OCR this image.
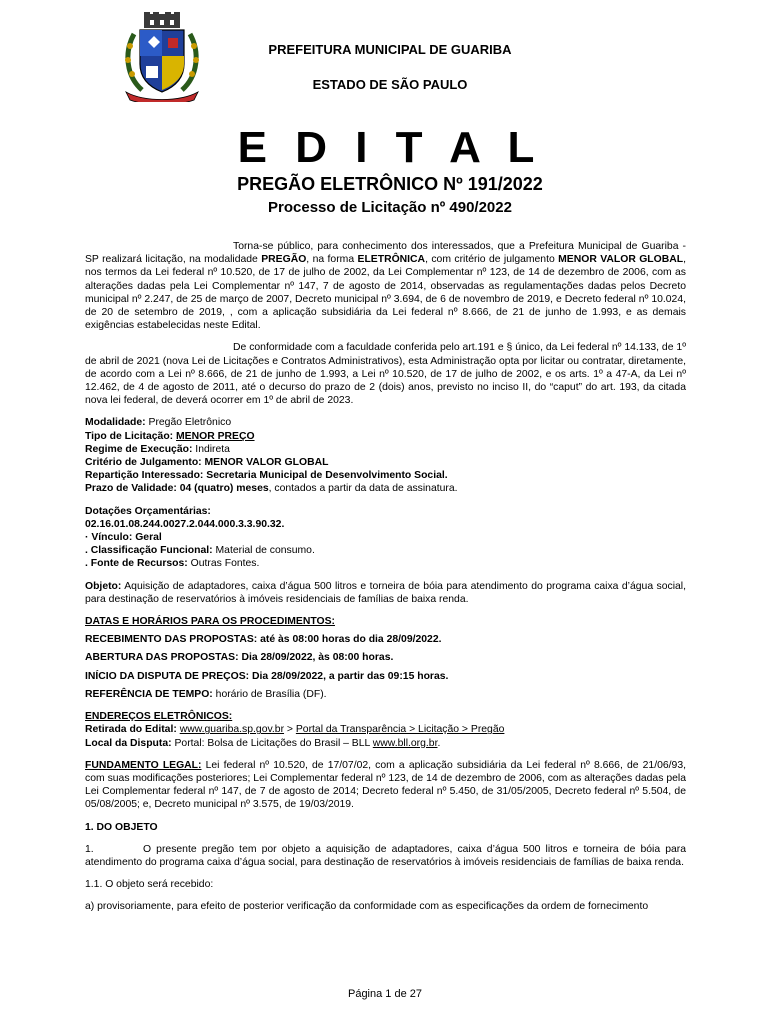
PREFEITURA MUNICIPAL DE GUARIBA
ESTADO DE SÃO PAULO
E D I T A L
PREGÃO ELETRÔNICO Nº 191/2022
Processo de Licitação nº 490/2022

Torna-se público, para conhecimento dos interessados, que a Prefeitura Municipal de Guariba - SP realizará licitação, na modalidade PREGÃO, na forma ELETRÔNICA, com critério de julgamento MENOR VALOR GLOBAL, nos termos da Lei federal nº 10.520, de 17 de julho de 2002, da Lei Complementar nº 123, de 14 de dezembro de 2006, com as alterações dadas pela Lei Complementar nº 147, 7 de agosto de 2014, observadas as regulamentações dadas pelos Decreto municipal nº 2.247, de 25 de março de 2007, Decreto municipal nº 3.694, de 6 de novembro de 2019, e Decreto federal nº 10.024, de 20 de setembro de 2019, , com a aplicação subsidiária da Lei federal nº 8.666, de 21 de junho de 1.993, e as demais exigências estabelecidas neste Edital.

De conformidade com a faculdade conferida pelo art.191 e § único, da Lei federal nº 14.133, de 1º de abril de 2021 (nova Lei de Licitações e Contratos Administrativos), esta Administração opta por licitar ou contratar, diretamente, de acordo com a Lei nº 8.666, de 21 de junho de 1.993, a Lei nº 10.520, de 17 de julho de 2002, e os arts. 1º a 47-A, da Lei nº 12.462, de 4 de agosto de 2011, até o decurso do prazo de 2 (dois) anos, previsto no inciso II, do “caput” do art. 193, da citada nova lei federal, de deverá ocorrer em 1º de abril de 2023.

Modalidade: Pregão Eletrônico

Tipo de Licitação: MENOR PREÇO

Regime de Execução: Indireta

Critério de Julgamento: MENOR VALOR GLOBAL

Repartição Interessado: Secretaria Municipal de Desenvolvimento Social.

Prazo de Validade: 04 (quatro) meses, contados a partir da data de assinatura.

Dotações Orçamentárias:

02.16.01.08.244.0027.2.044.000.3.3.90.32.

· Vínculo: Geral

. Classificação Funcional: Material de consumo.

. Fonte de Recursos: Outras Fontes.

Objeto: Aquisição de adaptadores, caixa d’água 500 litros e torneira de bóia para atendimento do programa caixa d’água social, para destinação de reservatórios à imóveis residenciais de famílias de baixa renda.

DATAS E HORÁRIOS PARA OS PROCEDIMENTOS:
RECEBIMENTO DAS PROPOSTAS: até às 08:00 horas do dia 28/09/2022.
ABERTURA DAS PROPOSTAS: Dia 28/09/2022, às 08:00 horas.
INÍCIO DA DISPUTA DE PREÇOS: Dia 28/09/2022, a partir das 09:15 horas.

REFERÊNCIA DE TEMPO: horário de Brasília (DF).

ENDEREÇOS ELETRÔNICOS:

Retirada do Edital: www.guariba.sp.gov.br > Portal da Transparência > Licitação > Pregão

Local da Disputa: Portal: Bolsa de Licitações do Brasil – BLL www.bll.org.br.

FUNDAMENTO LEGAL: Lei federal nº 10.520, de 17/07/02, com a aplicação subsidiária da Lei federal nº 8.666, de 21/06/93, com suas modificações posteriores; Lei Complementar federal nº 123, de 14 de dezembro de 2006, com as alterações dadas pela Lei Complementar federal nº 147, de 7 de agosto de 2014; Decreto federal nº 5.450, de 31/05/2005, Decreto federal nº 5.504, de 05/08/2005; e, Decreto municipal nº 3.575, de 19/03/2019.

1. DO OBJETO

1.	O presente pregão tem por objeto a aquisição de adaptadores, caixa d’água 500 litros e torneira de bóia para atendimento do programa caixa d’água social, para destinação de reservatórios à imóveis residenciais de famílias de baixa renda.

1.1. O objeto será recebido:

a) provisoriamente, para efeito de posterior verificação da conformidade com as especificações da ordem de fornecimento

Página 1 de 27
